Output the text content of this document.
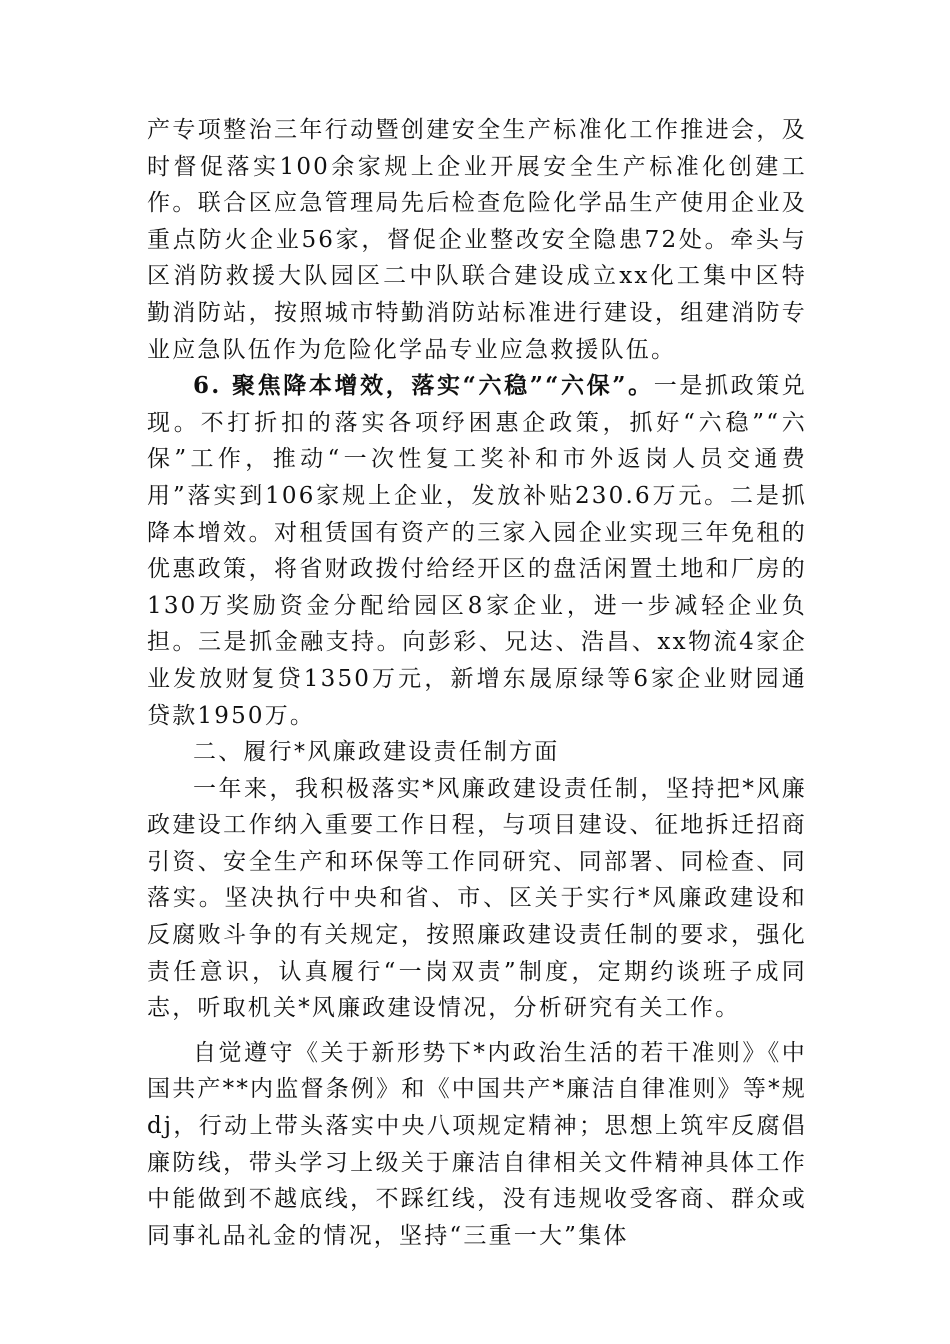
产专项整治三年行动暨创建安全生产标准化工作推进会，及时督促落实100余家规上企业开展安全生产标准化创建工作。联合区应急管理局先后检查危险化学品生产使用企业及重点防火企业56家，督促企业整改安全隐患72处。牵头与区消防救援大队园区二中队联合建设成立xx化工集中区特勤消防站，按照城市特勤消防站标准进行建设，组建消防专业应急队伍作为危险化学品专业应急救援队伍。

6. 聚焦降本增效，落实“六稳”“六保”。一是抓政策兑现。不打折扣的落实各项纾困惠企政策，抓好“六稳”“六保”工作，推动“一次性复工奖补和市外返岗人员交通费用”落实到106家规上企业，发放补贴230.6万元。二是抓降本增效。对租赁国有资产的三家入园企业实现三年免租的优惠政策，将省财政拨付给经开区的盘活闲置土地和厂房的130万奖励资金分配给园区8家企业，进一步减轻企业负担。三是抓金融支持。向彭彩、兄达、浩昌、xx物流4家企业发放财复贷1350万元，新增东晟原绿等6家企业财园通贷款1950万。

二、履行*风廉政建设责任制方面

一年来，我积极落实*风廉政建设责任制，坚持把*风廉政建设工作纳入重要工作日程，与项目建设、征地拆迁招商引资、安全生产和环保等工作同研究、同部署、同检查、同落实。坚决执行中央和省、市、区关于实行*风廉政建设和反腐败斗争的有关规定，按照廉政建设责任制的要求，强化责任意识，认真履行“一岗双责”制度，定期约谈班子成同志，听取机关*风廉政建设情况，分析研究有关工作。

自觉遵守《关于新形势下*内政治生活的若干准则》《中国共产**内监督条例》和《中国共产*廉洁自律准则》等*规dj，行动上带头落实中央八项规定精神；思想上筑牢反腐倡廉防线，带头学习上级关于廉洁自律相关文件精神具体工作中能做到不越底线，不踩红线，没有违规收受客商、群众或同事礼品礼金的情况，坚持“三重一大”集体
